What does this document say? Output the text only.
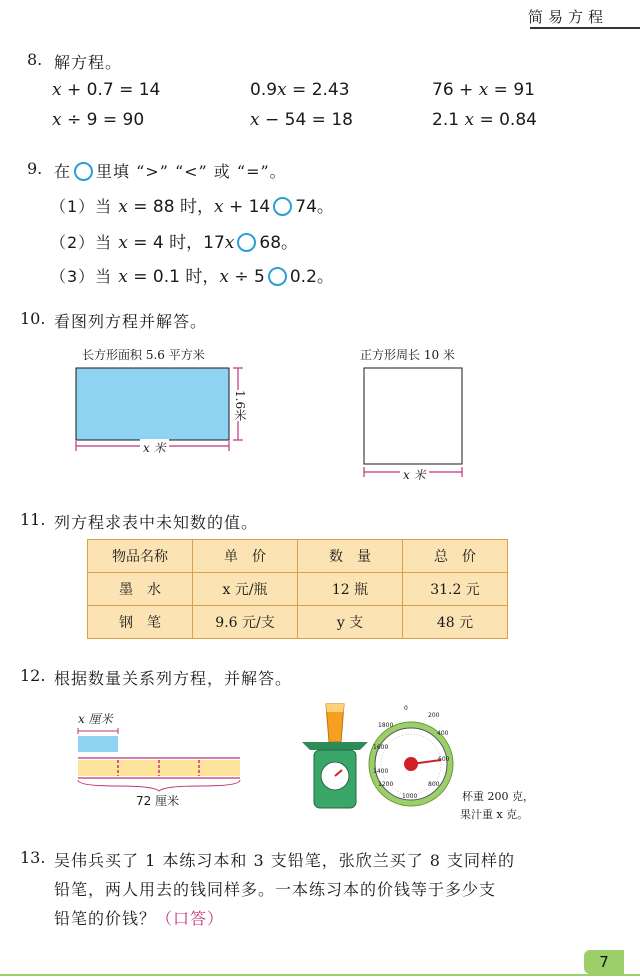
简易方程
8. 解方程。
x + 0.7 = 14	0.9x = 2.43	76 + x = 91
x ÷ 9 = 90	x − 54 = 18	2.1 x = 0.84
9. 在 里填 “>” “<” 或 “=”。
（1）当 x = 88 时，x + 14 74。
（2）当 x = 4 时，17x 68。
（3）当 x = 0.1 时，x ÷ 5 0.2。
10. 看图列方程并解答。
长方形面积 5.6 平方米	正方形周长 10 米
1.6米
x 米
x 米
11. 列方程求表中未知数的值。
物品名称	单　价	数　量	总　价
墨　水	x 元/瓶	12 瓶	31.2 元
钢　笔	9.6 元/支	y 支	48 元
12. 根据数量关系列方程，并解答。
x 厘米
72 厘米
0
200
400
600
800
1000
1200
1400
1600
1800
杯重 200 克，
果汁重 x 克。
13. 吴伟兵买了 1 本练习本和 3 支铅笔，张欣兰买了 8 支同样的
铅笔，两人用去的钱同样多。一本练习本的价钱等于多少支
铅笔的价钱？（口答）
7
